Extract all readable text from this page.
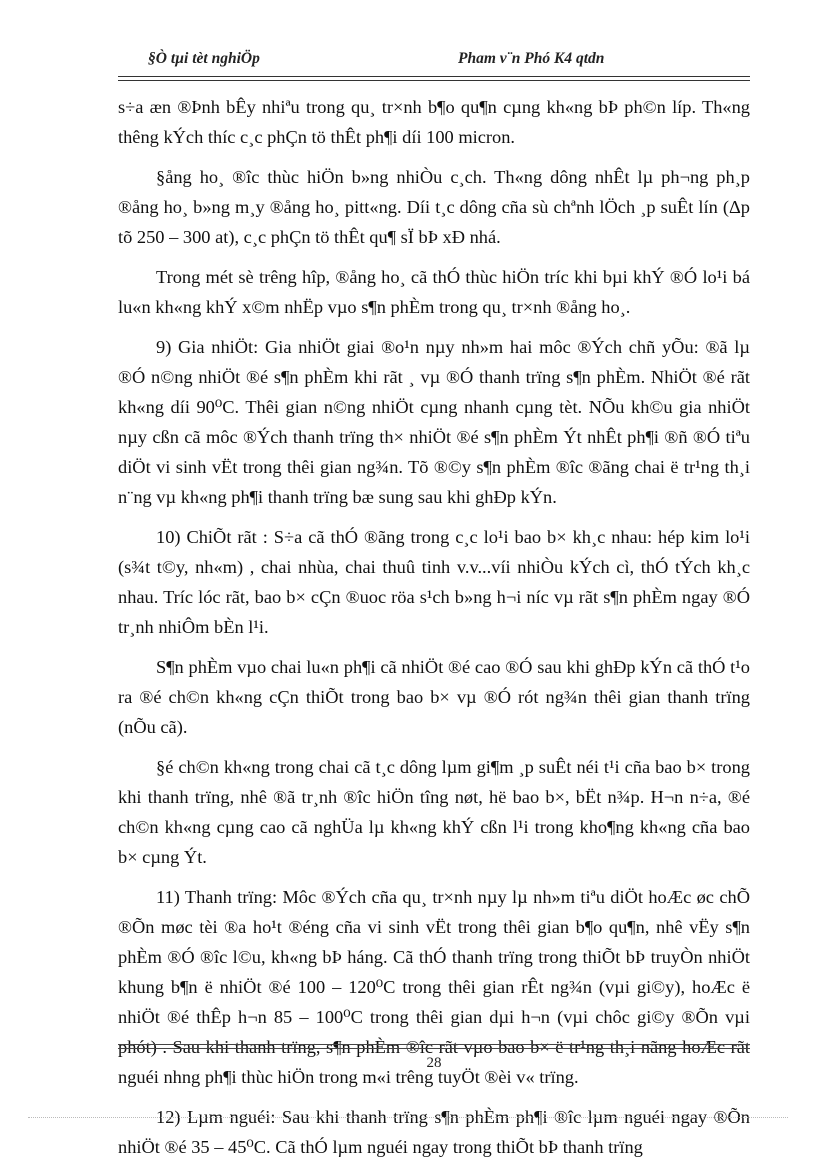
§Ò tµi tèt nghiÖp	Pham v¨n Phó K4 qtdn

s÷a æn ®Þnh bÊy nhiªu trong qu¸ tr×nh b¶o qu¶n cµng kh«ng bÞ ph©n líp. Th«ng thêng kÝch thíc c¸c phÇn tö thÊt ph¶i díi 100 micron.

§ång ho¸ ®îc thùc hiÖn b»ng nhiÒu c¸ch. Th«ng dông nhÊt lµ ph¬ng ph¸p ®ång ho¸ b»ng m¸y ®ång ho¸ pitt«ng. Díi t¸c dông cña sù chªnh lÖch ¸p suÊt lín (Δp tõ 250 – 300 at), c¸c phÇn tö thÊt qu¶ sÏ bÞ xÐ nhá.

Trong mét sè trêng hîp, ®ång ho¸ cã thÓ thùc hiÖn tríc khi bµi khÝ ®Ó lo¹i bá lu«n kh«ng khÝ x©m nhËp vµo s¶n phÈm trong qu¸ tr×nh ®ång ho¸.

9) Gia nhiÖt: Gia nhiÖt giai ®o¹n nµy nh»m hai môc ®Ých chñ yÕu: ®ã lµ ®Ó n©ng nhiÖt ®é s¶n phÈm khi rãt ¸ vµ ®Ó thanh trïng s¶n phÈm. NhiÖt ®é rãt kh«ng díi 90⁰C. Thêi gian n©ng nhiÖt cµng nhanh cµng tèt. NÕu kh©u gia nhiÖt nµy cßn cã môc ®Ých thanh trïng th× nhiÖt ®é s¶n phÈm Ýt nhÊt ph¶i ®ñ ®Ó tiªu diÖt vi sinh vËt trong thêi gian ng¾n. Tõ ®©y s¶n phÈm ®îc ®ãng chai ë tr¹ng th¸i n¨ng vµ kh«ng ph¶i thanh trïng bæ sung sau khi ghÐp kÝn.

10) ChiÕt rãt : S÷a cã thÓ ®ãng trong c¸c lo¹i bao b× kh¸c nhau: hép kim lo¹i (s¾t t©y, nh«m) , chai nhùa, chai thuû tinh v.v...víi nhiÒu kÝch cì, thÓ tÝch kh¸c nhau. Tríc lóc rãt, bao b× cÇn ®uoc röa s¹ch b»ng h¬i níc vµ rãt s¶n phÈm ngay ®Ó tr¸nh nhiÔm bÈn l¹i.

S¶n phÈm vµo chai lu«n ph¶i cã nhiÖt ®é cao ®Ó sau khi ghÐp kÝn cã thÓ t¹o ra ®é ch©n kh«ng cÇn thiÕt trong bao b× vµ ®Ó rót ng¾n thêi gian thanh trïng (nÕu cã).

§é ch©n kh«ng trong chai cã t¸c dông lµm gi¶m ¸p suÊt néi t¹i cña bao b× trong khi thanh trïng, nhê ®ã tr¸nh ®îc hiÖn tîng nøt, hë bao b×, bËt n¾p. H¬n n÷a, ®é ch©n kh«ng cµng cao cã nghÜa lµ kh«ng khÝ cßn l¹i trong kho¶ng kh«ng cña bao b× cµng Ýt.

11) Thanh trïng: Môc ®Ých cña qu¸ tr×nh nµy lµ nh»m tiªu diÖt hoÆc øc chÕ ®Õn møc tèi ®a ho¹t ®éng cña vi sinh vËt trong thêi gian b¶o qu¶n, nhê vËy s¶n phÈm ®Ó ®îc l©u, kh«ng bÞ háng. Cã thÓ thanh trïng trong thiÕt bÞ truyÒn nhiÖt khung b¶n ë nhiÖt ®é 100 – 120⁰C trong thêi gian rÊt ng¾n (vµi gi©y), hoÆc ë nhiÖt ®é thÊp h¬n 85 – 100⁰C trong thêi gian dµi h¬n (vµi chôc gi©y ®Õn vµi phót) . Sau khi thanh trïng, s¶n phÈm ®îc rãt vµo bao b× ë tr¹ng th¸i nãng hoÆc rãt nguéi nhng ph¶i thùc hiÖn trong m«i trêng tuyÖt ®èi v« trïng.

12) Lµm nguéi: Sau khi thanh trïng s¶n phÈm ph¶i ®îc lµm nguéi ngay ®Õn nhiÖt ®é 35 – 45⁰C. Cã thÓ lµm nguéi ngay trong thiÕt bÞ thanh trïng

28
